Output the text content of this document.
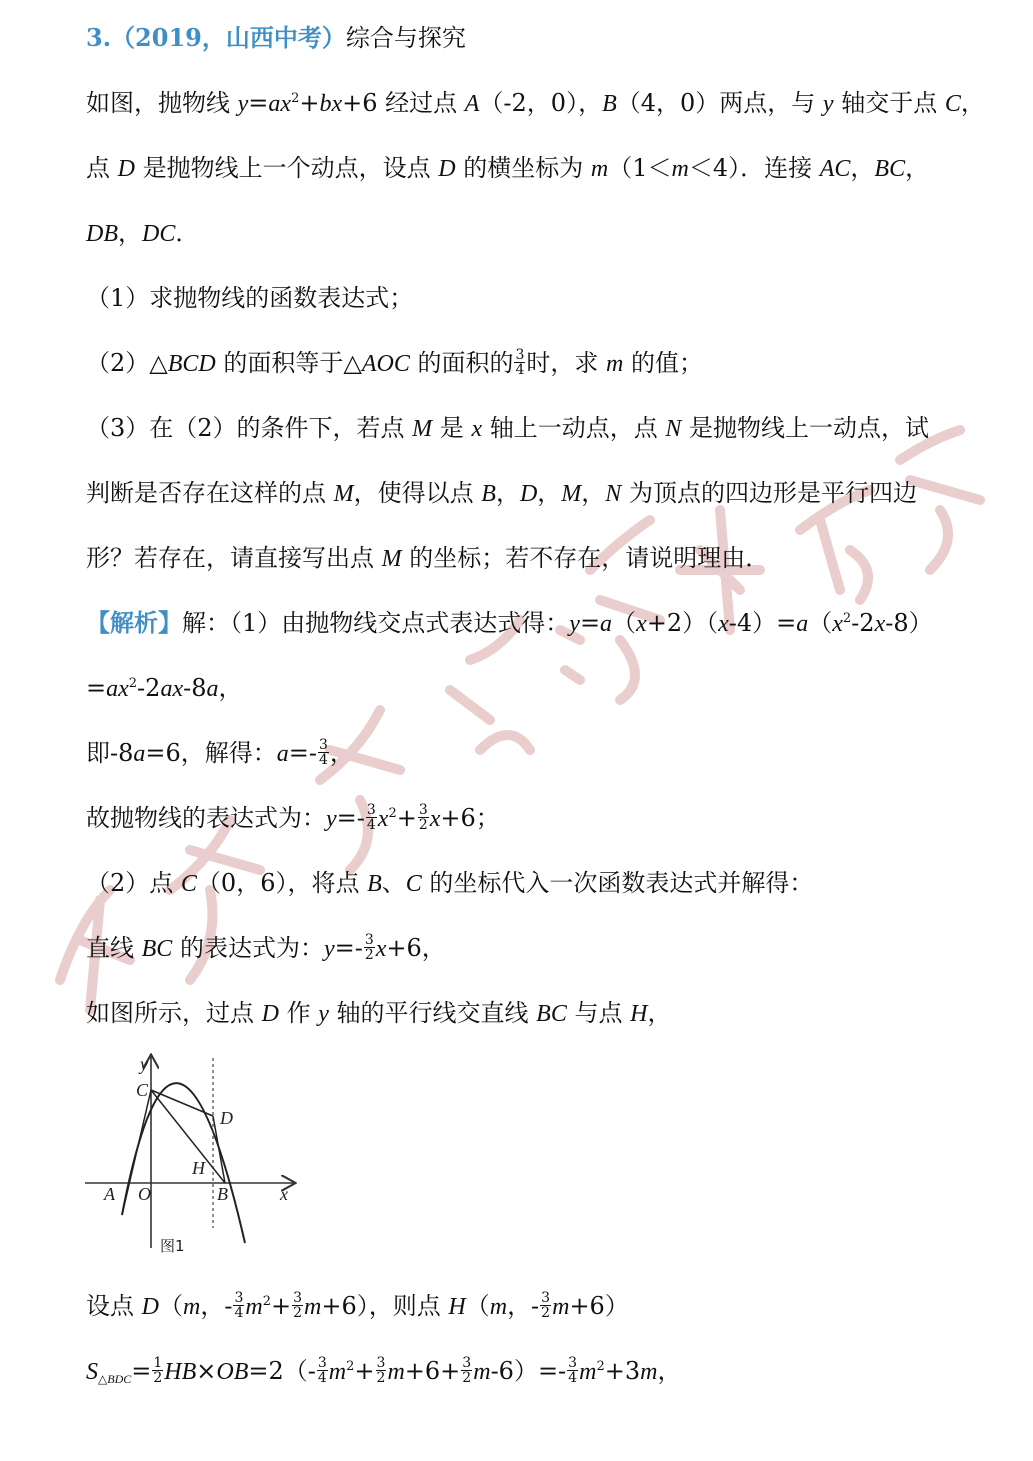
3.（2019，山西中考）综合与探究
如图，抛物线 $y=ax^2+bx+6$ 经过点 A（-2，0），B（4，0）两点，与 y 轴交于点 C，
点 D 是抛物线上一个动点，设点 D 的横坐标为 m（1＜m＜4）．连接 AC，BC，
DB，DC．
（1）求抛物线的函数表达式；
（2）△BCD 的面积等于△AOC 的面积的 $\frac{3}{4}$ 时，求 m 的值；
（3）在（2）的条件下，若点 M 是 x 轴上一动点，点 N 是抛物线上一动点，试
判断是否存在这样的点 M，使得以点 B，D，M，N 为顶点的四边形是平行四边
形？若存在，请直接写出点 M 的坐标；若不存在，请说明理由．
【解析】解：（1）由抛物线交点式表达式得：$y=a(x+2)(x-4)=a(x^2-2x-8)$
$=ax^2-2ax-8a$，
即-8a=6，解得：$a=- \frac{3}{4}$ ，
故抛物线的表达式为：$y=- \frac{3}{4} x^2+ \frac{3}{2} x+6$；
（2）点 C（0，6），将点 B、C 的坐标代入一次函数表达式并解得：
直线 BC 的表达式为：$y=- \frac{3}{2} x+6$，
如图所示，过点 D 作 y 轴的平行线交直线 BC 与点 H，
y
C
D
H
A O	B	x
图1
设点 D（m，- $\frac{3}{4} m^2+ \frac{3}{2} m+6$），则点 H（m，- $\frac{3}{2} m+6$）
$S_{\triangle BDC}= \frac{1}{2} HB\times OB=2(- \frac{3}{4} m^2+ \frac{3}{2} m+6+ \frac{3}{2} m-6)=- \frac{3}{4} m^2+3m$，
